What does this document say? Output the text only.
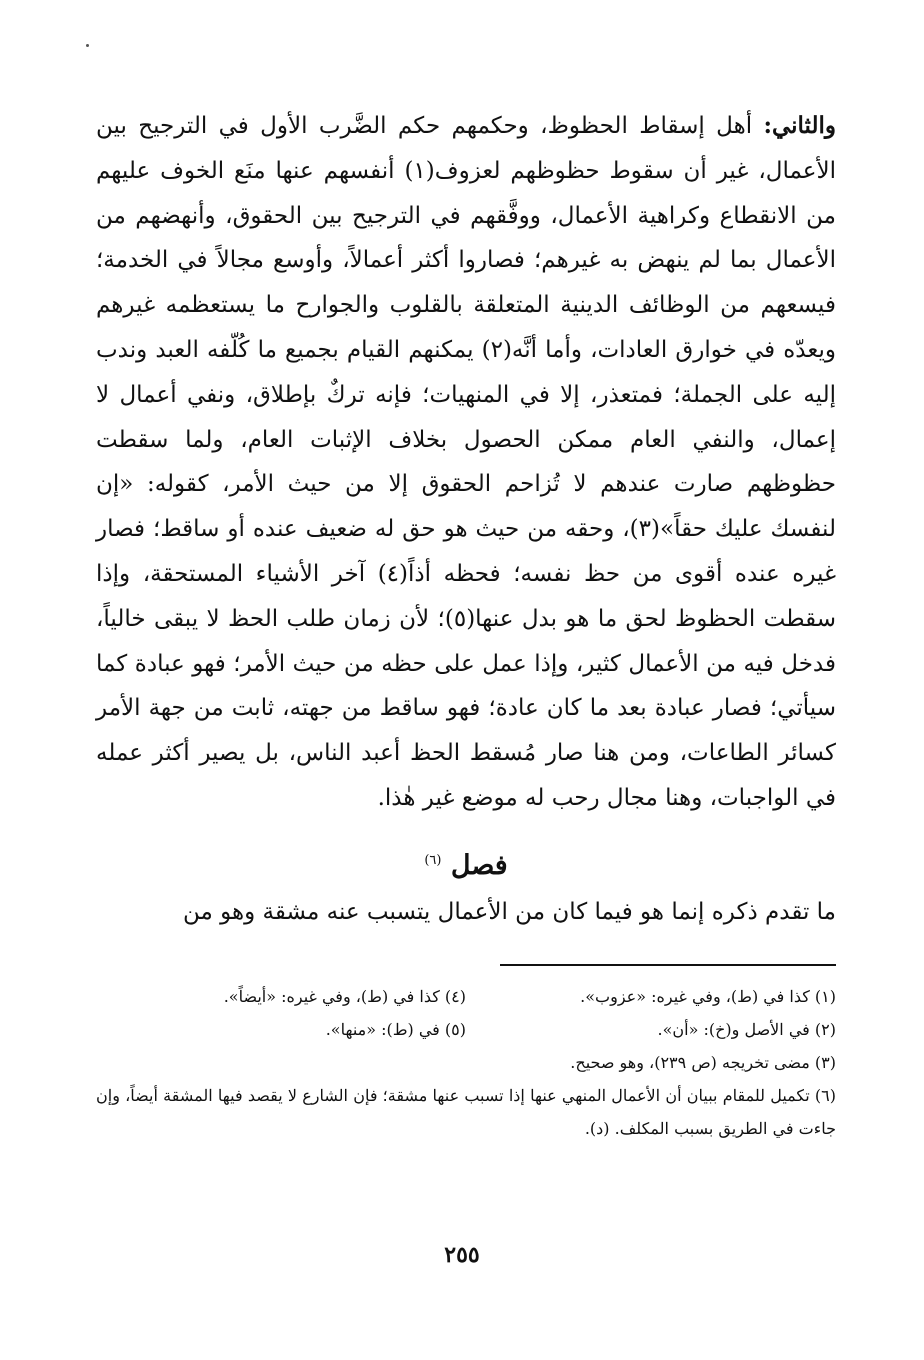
والثاني: أهل إسقاط الحظوظ، وحكمهم حكم الضَّرب الأول في الترجيح بين الأعمال، غير أن سقوط حظوظهم لعزوف(١) أنفسهم عنها منَع الخوف عليهم من الانقطاع وكراهية الأعمال، ووفَّقهم في الترجيح بين الحقوق، وأنهضهم من الأعمال بما لم ينهض به غيرهم؛ فصاروا أكثر أعمالاً، وأوسع مجالاً في الخدمة؛ فيسعهم من الوظائف الدينية المتعلقة بالقلوب والجوارح ما يستعظمه غيرهم ويعدّه في خوارق العادات، وأما أنَّه(٢) يمكنهم القيام بجميع ما كُلّفه العبد وندب إليه على الجملة؛ فمتعذر، إلا في المنهيات؛ فإنه تركٌ بإطلاق، ونفي أعمال لا إعمال، والنفي العام ممكن الحصول بخلاف الإثبات العام، ولما سقطت حظوظهم صارت عندهم لا تُزاحم الحقوق إلا من حيث الأمر، كقوله: «إن لنفسك عليك حقاً»(٣)، وحقه من حيث هو حق له ضعيف عنده أو ساقط؛ فصار غيره عنده أقوى من حظ نفسه؛ فحظه أذاً(٤) آخر الأشياء المستحقة، وإذا سقطت الحظوظ لحق ما هو بدل عنها(٥)؛ لأن زمان طلب الحظ لا يبقى خالياً، فدخل فيه من الأعمال كثير، وإذا عمل على حظه من حيث الأمر؛ فهو عبادة كما سيأتي؛ فصار عبادة بعد ما كان عادة؛ فهو ساقط من جهته، ثابت من جهة الأمر كسائر الطاعات، ومن هنا صار مُسقط الحظ أعبد الناس، بل يصير أكثر عمله في الواجبات، وهنا مجال رحب له موضع غير هٰذا.

فصل $^{(٦)}$

ما تقدم ذكره إنما هو فيما كان من الأعمال يتسبب عنه مشقة وهو من

(١) كذا في (ط)، وفي غيره: «عزوب».
(٤) كذا في (ط)، وفي غيره: «أيضاً».
(٢) في الأصل و(خ): «أن».
(٥) في (ط): «منها».
(٣) مضى تخريجه (ص ٢٣٩)، وهو صحيح.
(٦) تكميل للمقام ببيان أن الأعمال المنهي عنها إذا تسبب عنها مشقة؛ فإن الشارع لا يقصد فيها المشقة أيضاً، وإن جاءت في الطريق بسبب المكلف. (د).
٢٥٥
